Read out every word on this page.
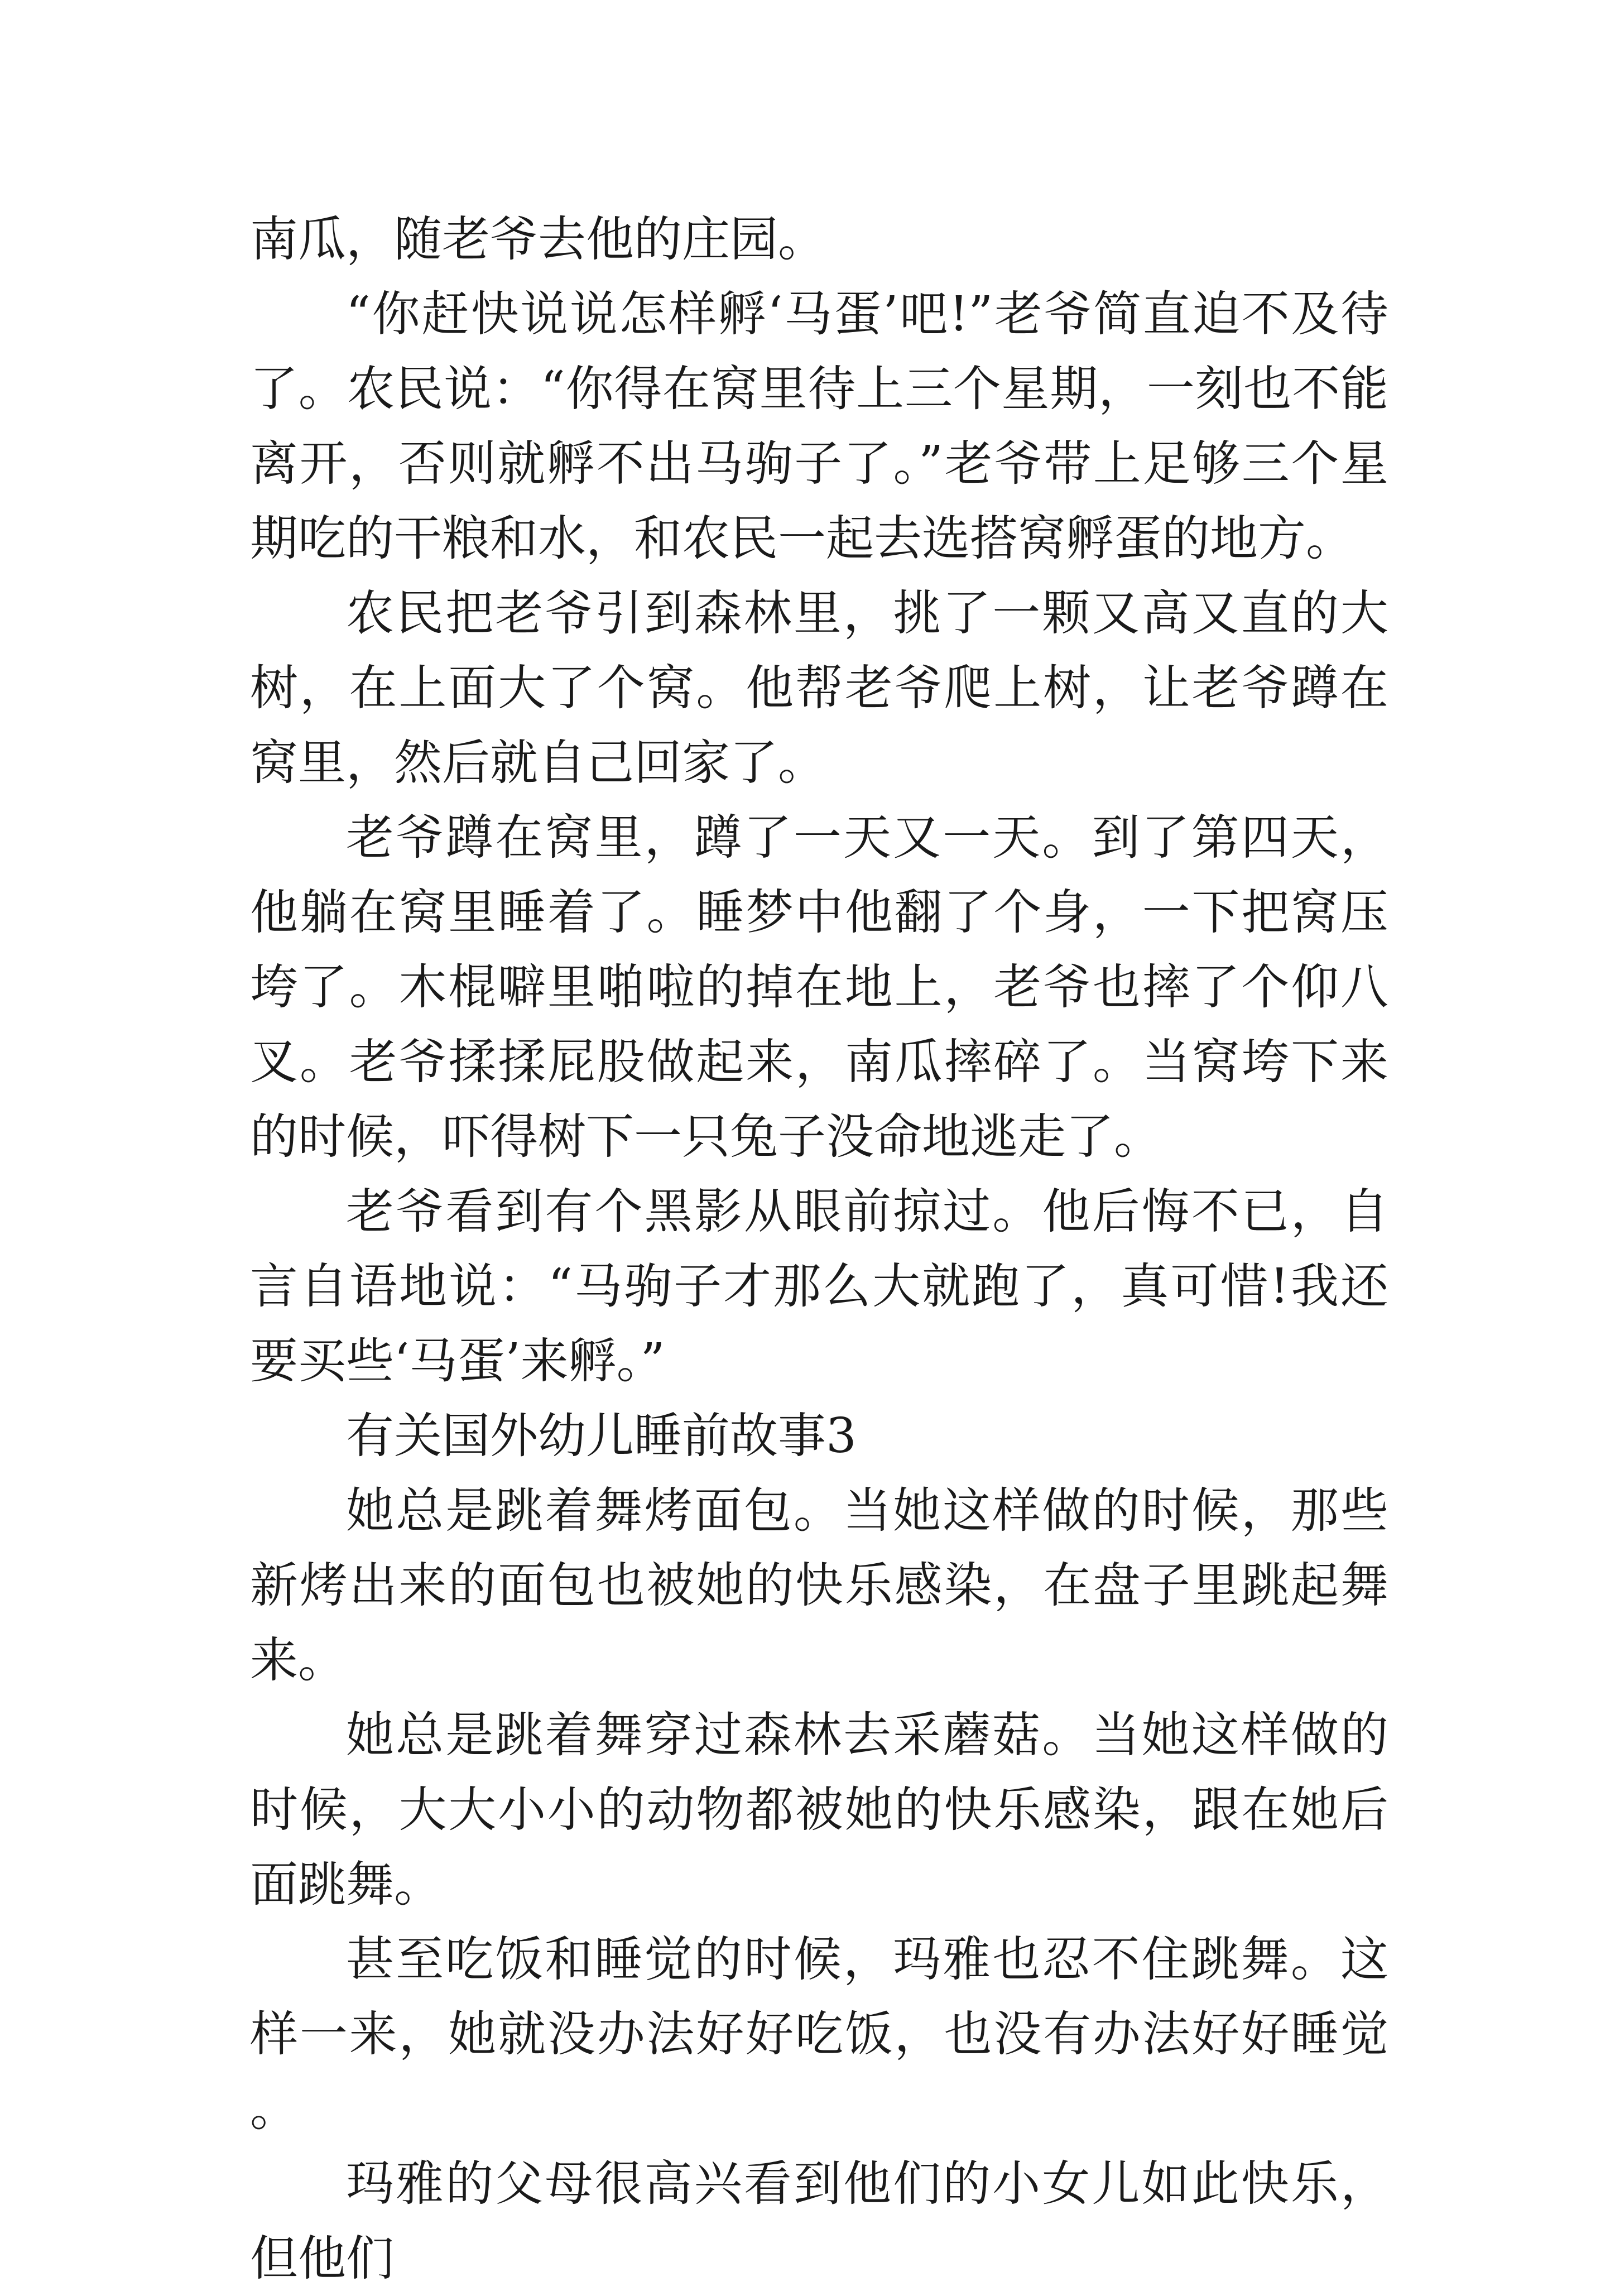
南瓜，随老爷去他的庄园。

“你赶快说说怎样孵‘马蛋’吧!”老爷简直迫不及待了。农民说：“你得在窝里待上三个星期，一刻也不能离开，否则就孵不出马驹子了。”老爷带上足够三个星期吃的干粮和水，和农民一起去选搭窝孵蛋的地方。

农民把老爷引到森林里，挑了一颗又高又直的大树，在上面大了个窝。他帮老爷爬上树，让老爷蹲在窝里，然后就自己回家了。

老爷蹲在窝里，蹲了一天又一天。到了第四天，他躺在窝里睡着了。睡梦中他翻了个身，一下把窝压垮了。木棍噼里啪啦的掉在地上，老爷也摔了个仰八叉。老爷揉揉屁股做起来，南瓜摔碎了。当窝垮下来的时候，吓得树下一只兔子没命地逃走了。

老爷看到有个黑影从眼前掠过。他后悔不已，自言自语地说：“马驹子才那么大就跑了，真可惜!我还要买些‘马蛋’来孵。”

有关国外幼儿睡前故事3

她总是跳着舞烤面包。当她这样做的时候，那些新烤出来的面包也被她的快乐感染，在盘子里跳起舞来。

她总是跳着舞穿过森林去采蘑菇。当她这样做的时候，大大小小的动物都被她的快乐感染，跟在她后面跳舞。

甚至吃饭和睡觉的时候，玛雅也忍不住跳舞。这样一来，她就没办法好好吃饭，也没有办法好好睡觉。

玛雅的父母很高兴看到他们的小女儿如此快乐，但他们
